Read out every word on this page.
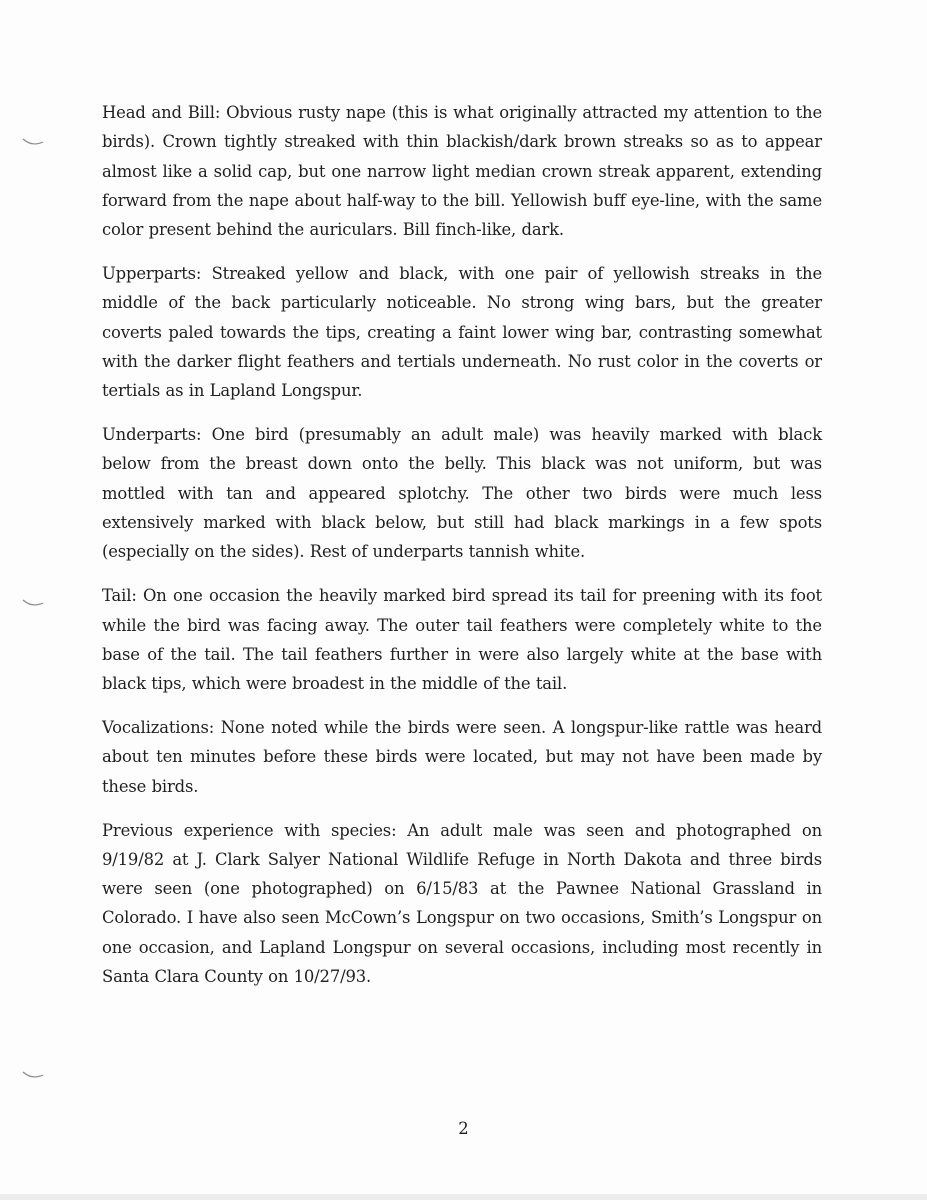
Head and Bill: Obvious rusty nape (this is what originally attracted my attention to the birds). Crown tightly streaked with thin blackish/dark brown streaks so as to appear almost like a solid cap, but one narrow light median crown streak apparent, extending forward from the nape about half-way to the bill. Yellowish buff eye-line, with the same color present behind the auriculars. Bill finch-like, dark.

Upperparts: Streaked yellow and black, with one pair of yellowish streaks in the middle of the back particularly noticeable. No strong wing bars, but the greater coverts paled towards the tips, creating a faint lower wing bar, contrasting somewhat with the darker flight feathers and tertials underneath. No rust color in the coverts or tertials as in Lapland Longspur.

Underparts: One bird (presumably an adult male) was heavily marked with black below from the breast down onto the belly. This black was not uniform, but was mottled with tan and appeared splotchy. The other two birds were much less extensively marked with black below, but still had black markings in a few spots (especially on the sides). Rest of underparts tannish white.

Tail: On one occasion the heavily marked bird spread its tail for preening with its foot while the bird was facing away. The outer tail feathers were completely white to the base of the tail. The tail feathers further in were also largely white at the base with black tips, which were broadest in the middle of the tail.

Vocalizations: None noted while the birds were seen. A longspur-like rattle was heard about ten minutes before these birds were located, but may not have been made by these birds.

Previous experience with species: An adult male was seen and photographed on 9/19/82 at J. Clark Salyer National Wildlife Refuge in North Dakota and three birds were seen (one photographed) on 6/15/83 at the Pawnee National Grassland in Colorado. I have also seen McCown’s Longspur on two occasions, Smith’s Longspur on one occasion, and Lapland Longspur on several occasions, including most recently in Santa Clara County on 10/27/93.

2
